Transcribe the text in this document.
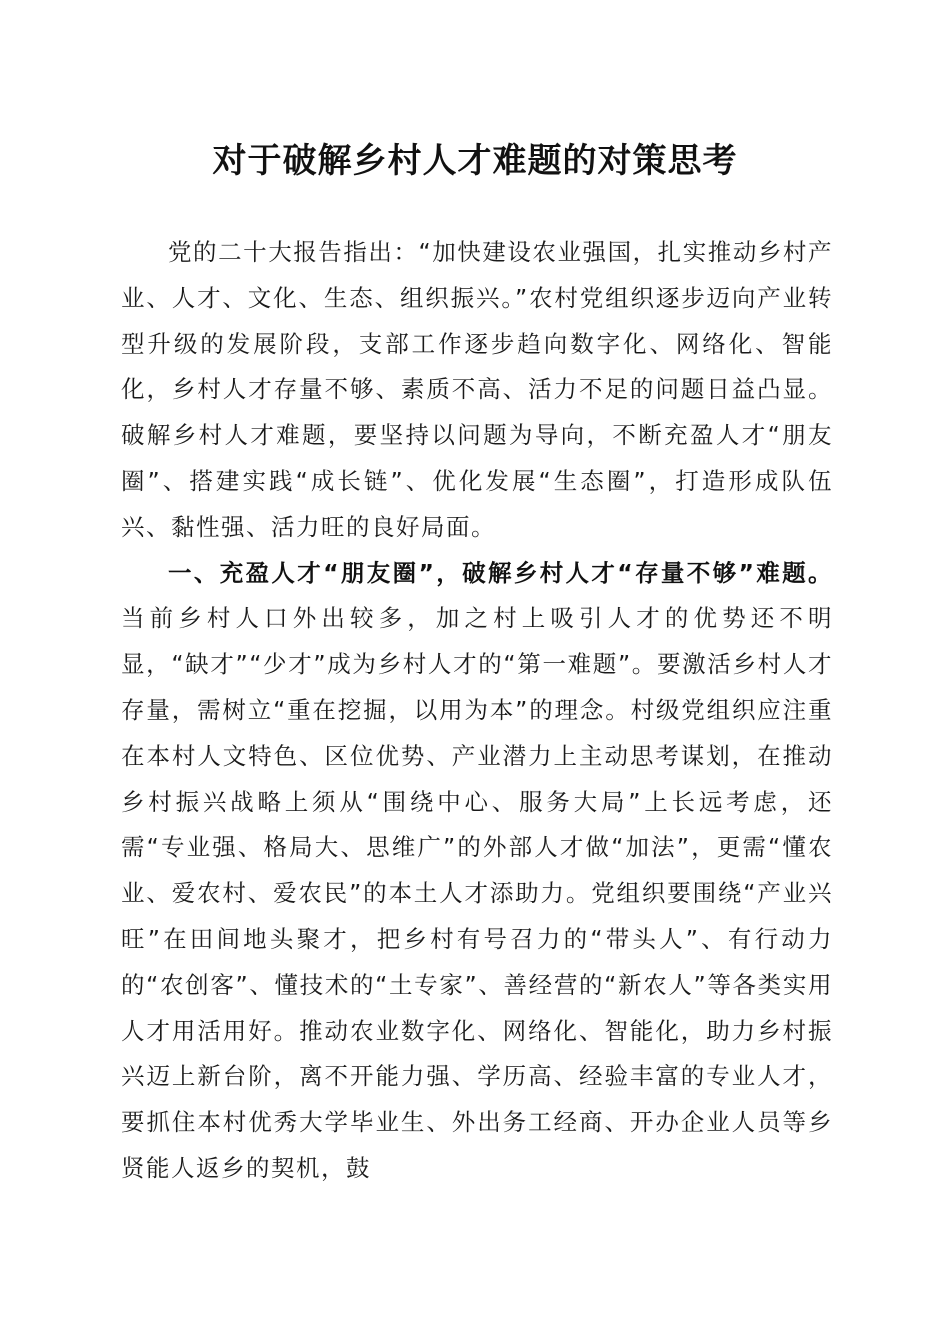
对于破解乡村人才难题的对策思考

党的二十大报告指出：“加快建设农业强国，扎实推动乡村产业、人才、文化、生态、组织振兴。”农村党组织逐步迈向产业转型升级的发展阶段，支部工作逐步趋向数字化、网络化、智能化，乡村人才存量不够、素质不高、活力不足的问题日益凸显。破解乡村人才难题，要坚持以问题为导向，不断充盈人才“朋友圈”、搭建实践“成长链”、优化发展“生态圈”，打造形成队伍兴、黏性强、活力旺的良好局面。

一、充盈人才“朋友圈”，破解乡村人才“存量不够”难题。当前乡村人口外出较多，加之村上吸引人才的优势还不明显，“缺才”“少才”成为乡村人才的“第一难题”。要激活乡村人才存量，需树立“重在挖掘，以用为本”的理念。村级党组织应注重在本村人文特色、区位优势、产业潜力上主动思考谋划，在推动乡村振兴战略上须从“围绕中心、服务大局”上长远考虑，还需“专业强、格局大、思维广”的外部人才做“加法”，更需“懂农业、爱农村、爱农民”的本土人才添助力。党组织要围绕“产业兴旺”在田间地头聚才，把乡村有号召力的“带头人”、有行动力的“农创客”、懂技术的“土专家”、善经营的“新农人”等各类实用人才用活用好。推动农业数字化、网络化、智能化，助力乡村振兴迈上新台阶，离不开能力强、学历高、经验丰富的专业人才，要抓住本村优秀大学毕业生、外出务工经商、开办企业人员等乡贤能人返乡的契机，鼓
